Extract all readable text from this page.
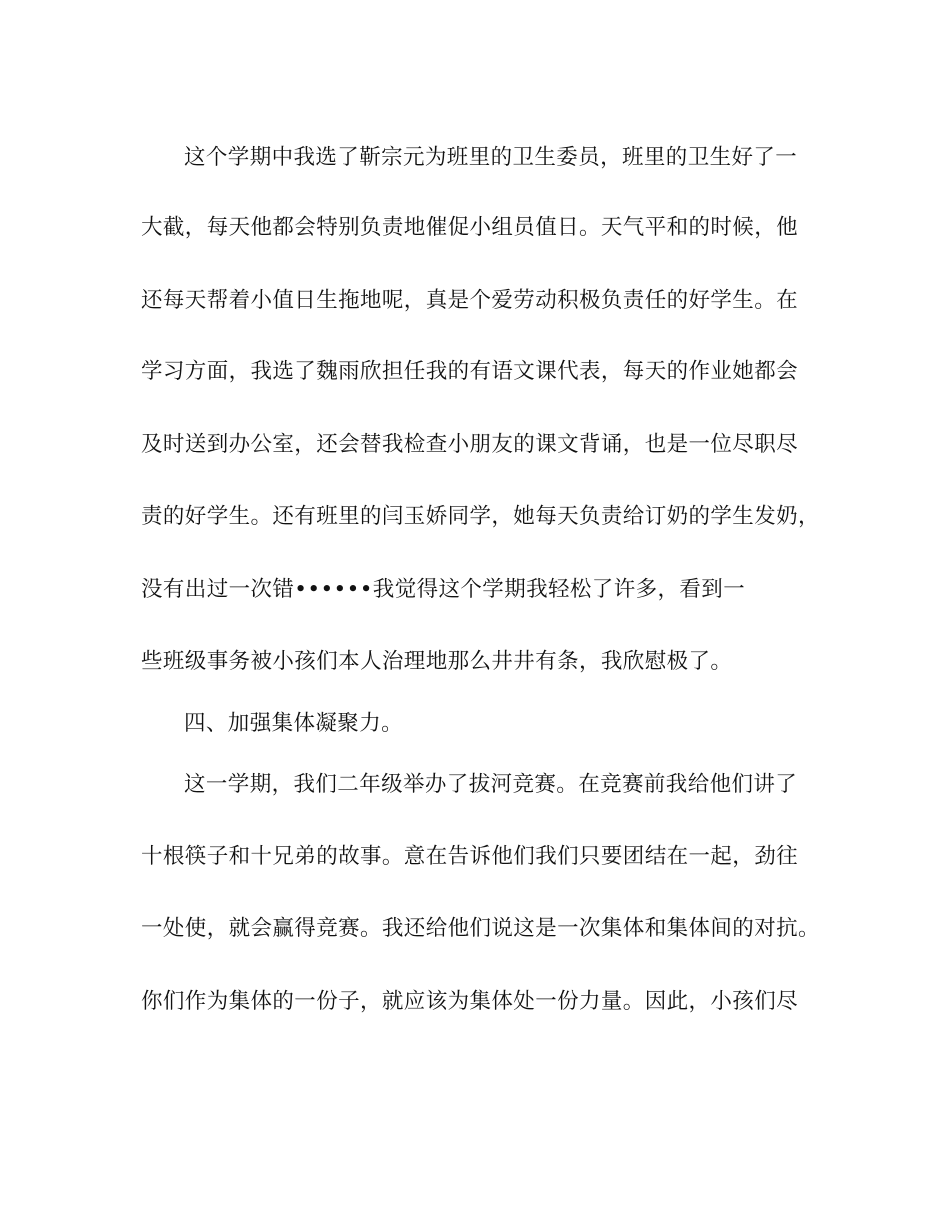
这个学期中我选了靳宗元为班里的卫生委员，班里的卫生好了一
大截，每天他都会特别负责地催促小组员值日。天气平和的时候，他
还每天帮着小值日生拖地呢，真是个爱劳动积极负责任的好学生。在
学习方面，我选了魏雨欣担任我的有语文课代表，每天的作业她都会
及时送到办公室，还会替我检查小朋友的课文背诵，也是一位尽职尽
责的好学生。还有班里的闫玉娇同学，她每天负责给订奶的学生发奶，
没有出过一次错••••••我觉得这个学期我轻松了许多，看到一
些班级事务被小孩们本人治理地那么井井有条，我欣慰极了。
四、加强集体凝聚力。
这一学期，我们二年级举办了拔河竞赛。在竞赛前我给他们讲了
十根筷子和十兄弟的故事。意在告诉他们我们只要团结在一起，劲往
一处使，就会赢得竞赛。我还给他们说这是一次集体和集体间的对抗。
你们作为集体的一份子，就应该为集体处一份力量。因此，小孩们尽
